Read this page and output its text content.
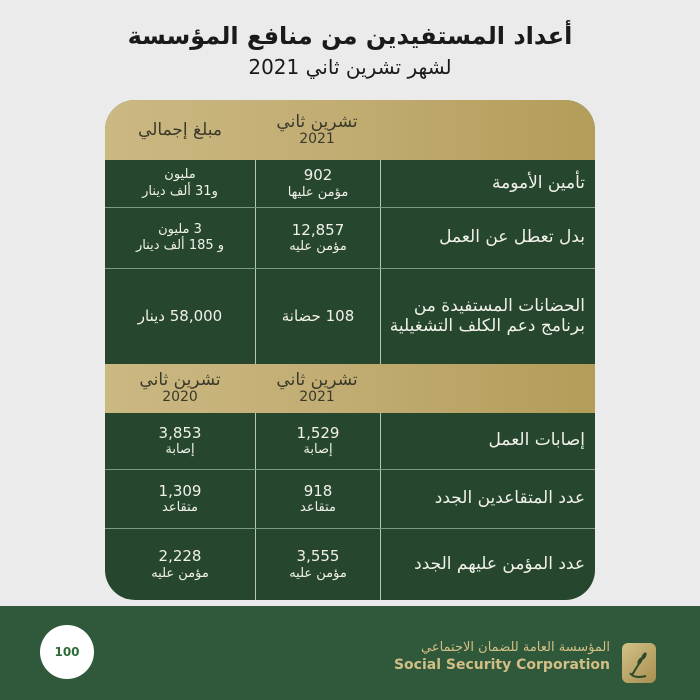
أعداد المستفيدين من منافع المؤسسة
لشهر تشرين ثاني 2021
تشرين ثاني
2021
مبلغ إجمالي
تأمين الأمومة
902
مؤمن عليها
مليون
و31 ألف دينار
بدل تعطل عن العمل
12,857
مؤمن عليه
3 مليون
و 185 ألف دينار
الحضانات المستفيدة من برنامج دعم الكلف التشغيلية
108 حضانة
58,000 دينار
تشرين ثاني
2021
تشرين ثاني
2020
إصابات العمل
1,529
إصابة
3,853
إصابة
عدد المتقاعدين الجدد
918
متقاعد
1,309
متقاعد
عدد المؤمن عليهم الجدد
3,555
مؤمن عليه
2,228
مؤمن عليه
المؤسسة العامة للضمان الاجتماعي
Social Security Corporation
100
